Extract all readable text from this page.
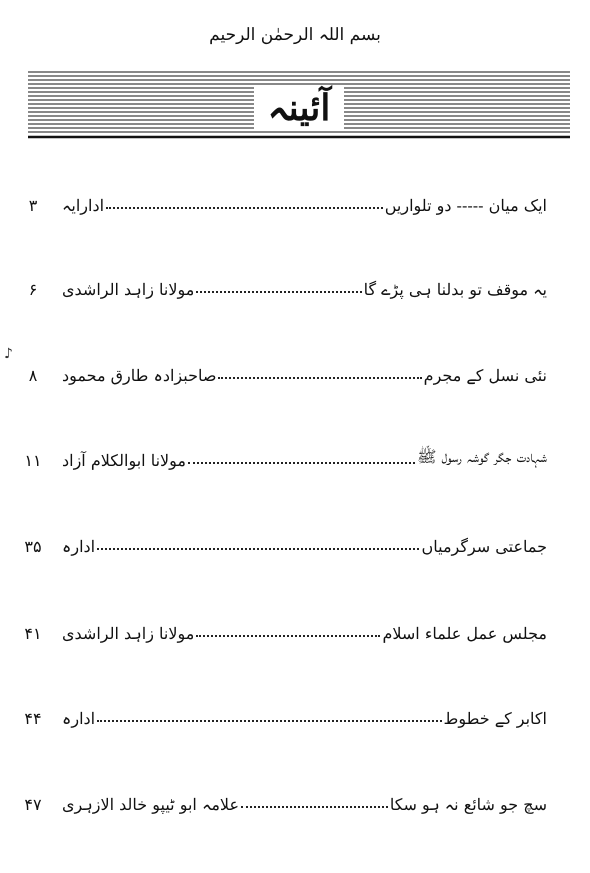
بسم اللہ الرحمٰن الرحیم
آئینہ
♪
ایک میان ----- دو تلواریں
ادارایہ
۳
یہ موقف تو بدلنا ہی پڑے گا
مولانا زاہد الراشدی
۶
نئی نسل کے مجرم
صاحبزادہ طارق محمود
۸
شہادت جگر گوشہ رسول ﷺ
مولانا ابوالکلام آزاد
۱۱
جماعتی سرگرمیاں
ادارہ
۳۵
مجلس عمل علماء اسلام
مولانا زاہد الراشدی
۴۱
اکابر کے خطوط
ادارہ
۴۴
سچ جو شائع نہ ہو سکا
علامہ ابو ٹیپو خالد الازہری
۴۷
